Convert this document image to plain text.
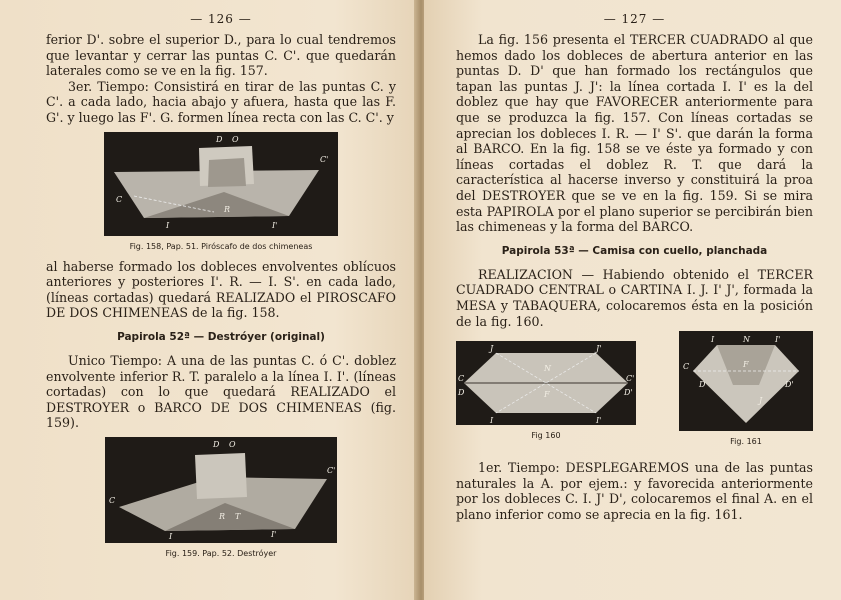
— 126 —

ferior D'. sobre el superior D., para lo cual tendremos que levantar y cerrar las puntas C. C'. que quedarán laterales como se ve en la fig. 157.

3er. Tiempo: Consistirá en tirar de las puntas C. y C'. a cada lado, hacia abajo y afuera, hasta que las F. G'. y luego las F'. G. formen línea recta con las C. C'. y

D O
C
C'
I	I'
R
Fig. 158, Pap. 51. Piróscafo de dos chimeneas

al haberse formado los dobleces envolventes oblícuos anteriores y posteriores I'. R. — I. S'. en cada lado, (líneas cortadas) quedará REALIZADO el PIROSCAFO DE DOS CHIMENEAS de la fig. 158.

Papirola 52ª — Destróyer (original)

Unico Tiempo: A una de las puntas C. ó C'. doblez envolvente inferior R. T. paralelo a la línea I. I'. (líneas cortadas) con lo que quedará REALIZADO el DESTROYER o BARCO DE DOS CHIMENEAS (fig. 159).

D O
C
C'
I	I'
R T
Fig. 159. Pap. 52. Destróyer
— 127 —

La fig. 156 presenta el TERCER CUADRADO al que hemos dado los dobleces de abertura anterior en las puntas D. D' que han formado los rectángulos que tapan las puntas J. J': la línea cortada I. I' es la del doblez que hay que FAVORECER anteriormente para que se produzca la fig. 157. Con líneas cortadas se aprecian los dobleces I. R. — I' S'. que darán la forma al BARCO. En la fig. 158 se ve éste ya formado y con líneas cortadas el doblez R. T. que dará la característica al hacerse inverso y constituirá la proa del DESTROYER que se ve en la fig. 159. Si se mira esta PAPIROLA por el plano superior se percibirán bien las chimeneas y la forma del BARCO.

Papirola 53ª — Camisa con cuello, planchada

REALIZACION — Habiendo obtenido el TERCER CUADRADO CENTRAL o CARTINA I. J. I' J', formada la MESA y TABAQUERA, colocaremos ésta en la posición de la fig. 160.

J	J'
C	C'
D	D'
I	I'
N
F
Fig 160
I	I'
N
C	F
D	D'
J
Fig. 161

1er. Tiempo: DESPLEGAREMOS una de las puntas naturales la A. por ejem.: y favorecida anteriormente por los dobleces C. I. J' D', colocaremos el final A. en el plano inferior como se aprecia en la fig. 161.
